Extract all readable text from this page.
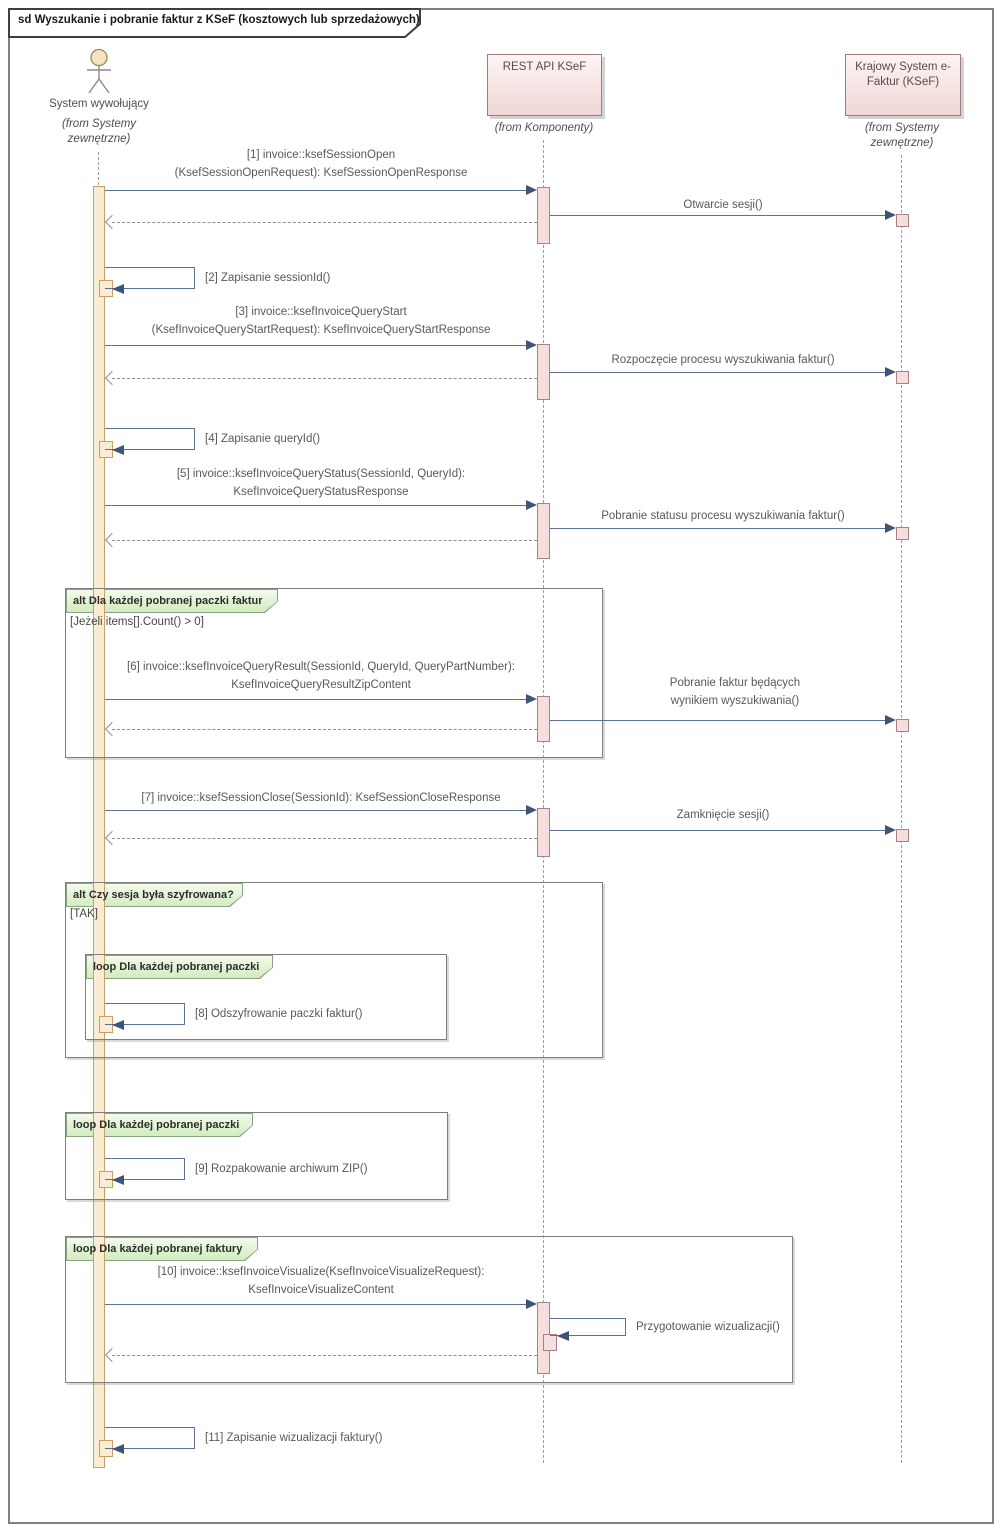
sd Wyszukanie i pobranie faktur z KSeF (kosztowych lub sprzedażowych)
System wywołujący
(from Systemy zewnętrzne)
REST API KSeF
(from Komponenty)
Krajowy System e-Faktur (KSeF)
(from Systemy zewnętrzne)
alt Dla każdej pobranej paczki faktur
[Jeżeli items[].Count() > 0]
alt Czy sesja była szyfrowana?
[TAK]
loop Dla każdej pobranej paczki
loop Dla każdej pobranej paczki
loop Dla każdej pobranej faktury
[1] invoice::ksefSessionOpen
(KsefSessionOpenRequest): KsefSessionOpenResponse
Otwarcie sesji()
[2] Zapisanie sessionId()
[3] invoice::ksefInvoiceQueryStart
(KsefInvoiceQueryStartRequest): KsefInvoiceQueryStartResponse
Rozpoczęcie procesu wyszukiwania faktur()
[4] Zapisanie queryId()
[5] invoice::ksefInvoiceQueryStatus(SessionId, QueryId):
KsefInvoiceQueryStatusResponse
Pobranie statusu procesu wyszukiwania faktur()
[6] invoice::ksefInvoiceQueryResult(SessionId, QueryId, QueryPartNumber):
KsefInvoiceQueryResultZipContent	Pobranie faktur będących
wynikiem wyszukiwania()
[7] invoice::ksefSessionClose(SessionId): KsefSessionCloseResponse
Zamknięcie sesji()
[8] Odszyfrowanie paczki faktur()
[9] Rozpakowanie archiwum ZIP()
[10] invoice::ksefInvoiceVisualize(KsefInvoiceVisualizeRequest):
KsefInvoiceVisualizeContent
Przygotowanie wizualizacji()
[11] Zapisanie wizualizacji faktury()
